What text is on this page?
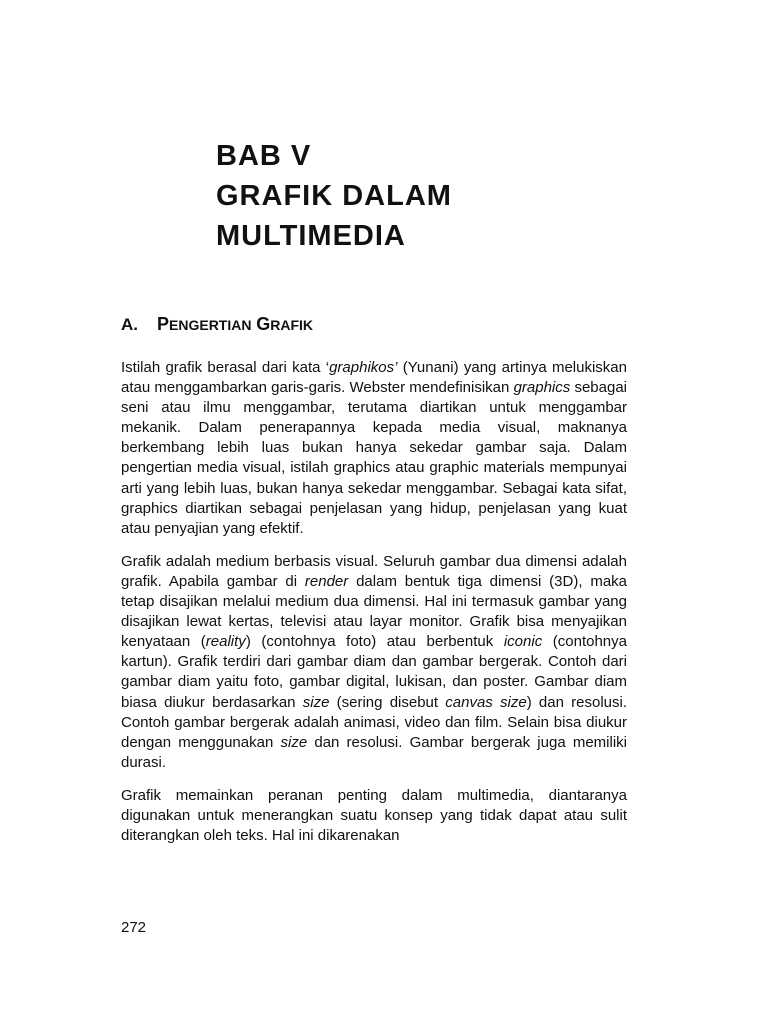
BAB V
GRAFIK DALAM
MULTIMEDIA
A. PENGERTIAN GRAFIK

Istilah grafik berasal dari kata ‘graphikos’ (Yunani) yang artinya melukiskan atau menggambarkan garis-garis. Webster mendefinisikan graphics sebagai seni atau ilmu menggambar, terutama diartikan untuk menggambar mekanik. Dalam penerapannya kepada media visual, maknanya berkembang lebih luas bukan hanya sekedar gambar saja. Dalam pengertian media visual, istilah graphics atau graphic materials mempunyai arti yang lebih luas, bukan hanya sekedar menggambar. Sebagai kata sifat, graphics diartikan sebagai penjelasan yang hidup, penjelasan yang kuat atau penyajian yang efektif.

Grafik adalah medium berbasis visual. Seluruh gambar dua dimensi adalah grafik. Apabila gambar di render dalam bentuk tiga dimensi (3D), maka tetap disajikan melalui medium dua dimensi. Hal ini termasuk gambar yang disajikan lewat kertas, televisi atau layar monitor. Grafik bisa menyajikan kenyataan (reality) (contohnya foto) atau berbentuk iconic (contohnya kartun). Grafik terdiri dari gambar diam dan gambar bergerak. Contoh dari gambar diam yaitu foto, gambar digital, lukisan, dan poster. Gambar diam biasa diukur berdasarkan size (sering disebut canvas size) dan resolusi. Contoh gambar bergerak adalah animasi, video dan film. Selain bisa diukur dengan menggunakan size dan resolusi. Gambar bergerak juga memiliki durasi.

Grafik memainkan peranan penting dalam multimedia, diantaranya digunakan untuk menerangkan suatu konsep yang tidak dapat atau sulit diterangkan oleh teks. Hal ini dikarenakan

272
